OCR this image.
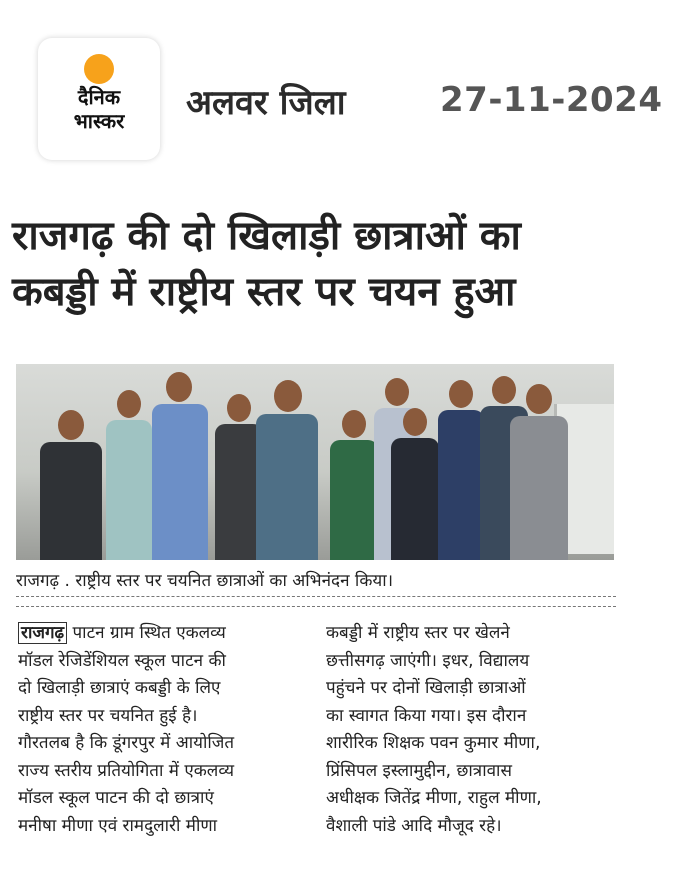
दैनिक
भास्कर	अलवर जिला	27-11-2024
राजगढ़ की दो खिलाड़ी छात्राओं का
कबड्डी में राष्ट्रीय स्तर पर चयन हुआ
राजगढ़ . राष्ट्रीय स्तर पर चयनित छात्राओं का अभिनंदन किया।
राजगढ़ पाटन ग्राम स्थित एकलव्य
मॉडल रेजिडेंशियल स्कूल पाटन की
दो खिलाड़ी छात्राएं कबड्डी के लिए
राष्ट्रीय स्तर पर चयनित हुई है।
गौरतलब है कि डूंगरपुर में आयोजित
राज्य स्तरीय प्रतियोगिता में एकलव्य
मॉडल स्कूल पाटन की दो छात्राएं
मनीषा मीणा एवं रामदुलारी मीणा
कबड्डी में राष्ट्रीय स्तर पर खेलने
छत्तीसगढ़ जाएंगी। इधर, विद्यालय
पहुंचने पर दोनों खिलाड़ी छात्राओं
का स्वागत किया गया। इस दौरान
शारीरिक शिक्षक पवन कुमार मीणा,
प्रिंसिपल इस्लामुद्दीन, छात्रावास
अधीक्षक जितेंद्र मीणा, राहुल मीणा,
वैशाली पांडे आदि मौजूद रहे।
